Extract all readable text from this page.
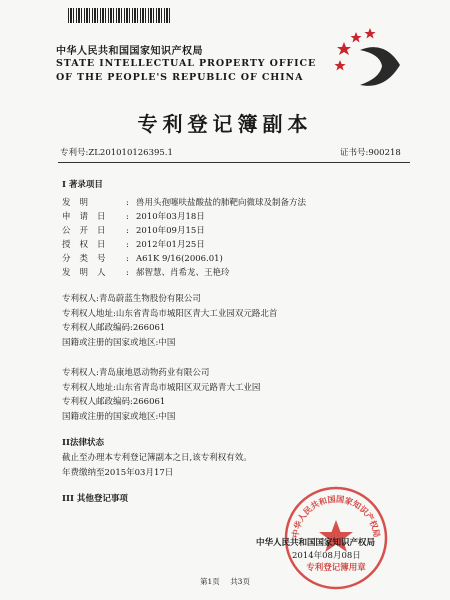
中华人民共和国国家知识产权局
STATE INTELLECTUAL PROPERTY OFFICE
OF THE PEOPLE'S REPUBLIC OF CHINA
专利登记簿副本
专利号:ZL201010126395.1	证书号:900218
I 著录项目
发明	: 兽用头孢噻呋盐酸盐的肺靶向微球及制备方法
申请日 : 2010年03月18日
公开日 : 2010年09月15日
授权日 : 2012年01月25日
分类号 : A61K 9/16(2006.01)
发明人 : 郝智慧、肖希龙、王艳玲
专利权人:青岛蔚蓝生物股份有限公司
专利权人地址:山东省青岛市城阳区青大工业园双元路北首
专利权人邮政编码:266061
国籍或注册的国家或地区:中国
专利权人:青岛康地恩动物药业有限公司
专利权人地址:山东省青岛市城阳区双元路青大工业园
专利权人邮政编码:266061
国籍或注册的国家或地区:中国
II法律状态
截止至办理本专利登记簿副本之日,该专利权有效。
年费缴纳至2015年03月17日
III 其他登记事项
中华人民共和国国家知识产权局
专利登记簿用章
中华人民共和国国家知识产权局
2014年08月08日
第1页 共3页
